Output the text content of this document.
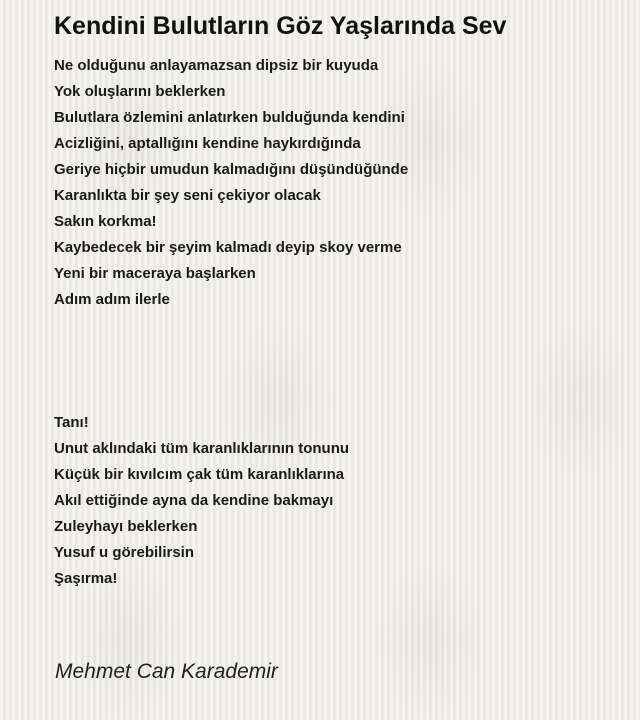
Kendini Bulutların Göz Yaşlarında Sev
Ne olduğunu anlayamazsan dipsiz bir kuyuda
Yok oluşlarını beklerken
Bulutlara özlemini anlatırken bulduğunda kendini
Acizliğini, aptallığını kendine haykırdığında
Geriye hiçbir umudun kalmadığını düşündüğünde
Karanlıkta bir şey seni çekiyor olacak
Sakın korkma!
Kaybedecek bir şeyim kalmadı deyip skoy verme
Yeni bir maceraya başlarken
Adım adım ilerle
Tanı!
Unut aklındaki tüm karanlıklarının tonunu
Küçük bir kıvılcım çak tüm karanlıklarına
Akıl ettiğinde ayna da kendine bakmayı
Zuleyhayı beklerken
Yusuf u görebilirsin
Şaşırma!
Mehmet Can Karademir
